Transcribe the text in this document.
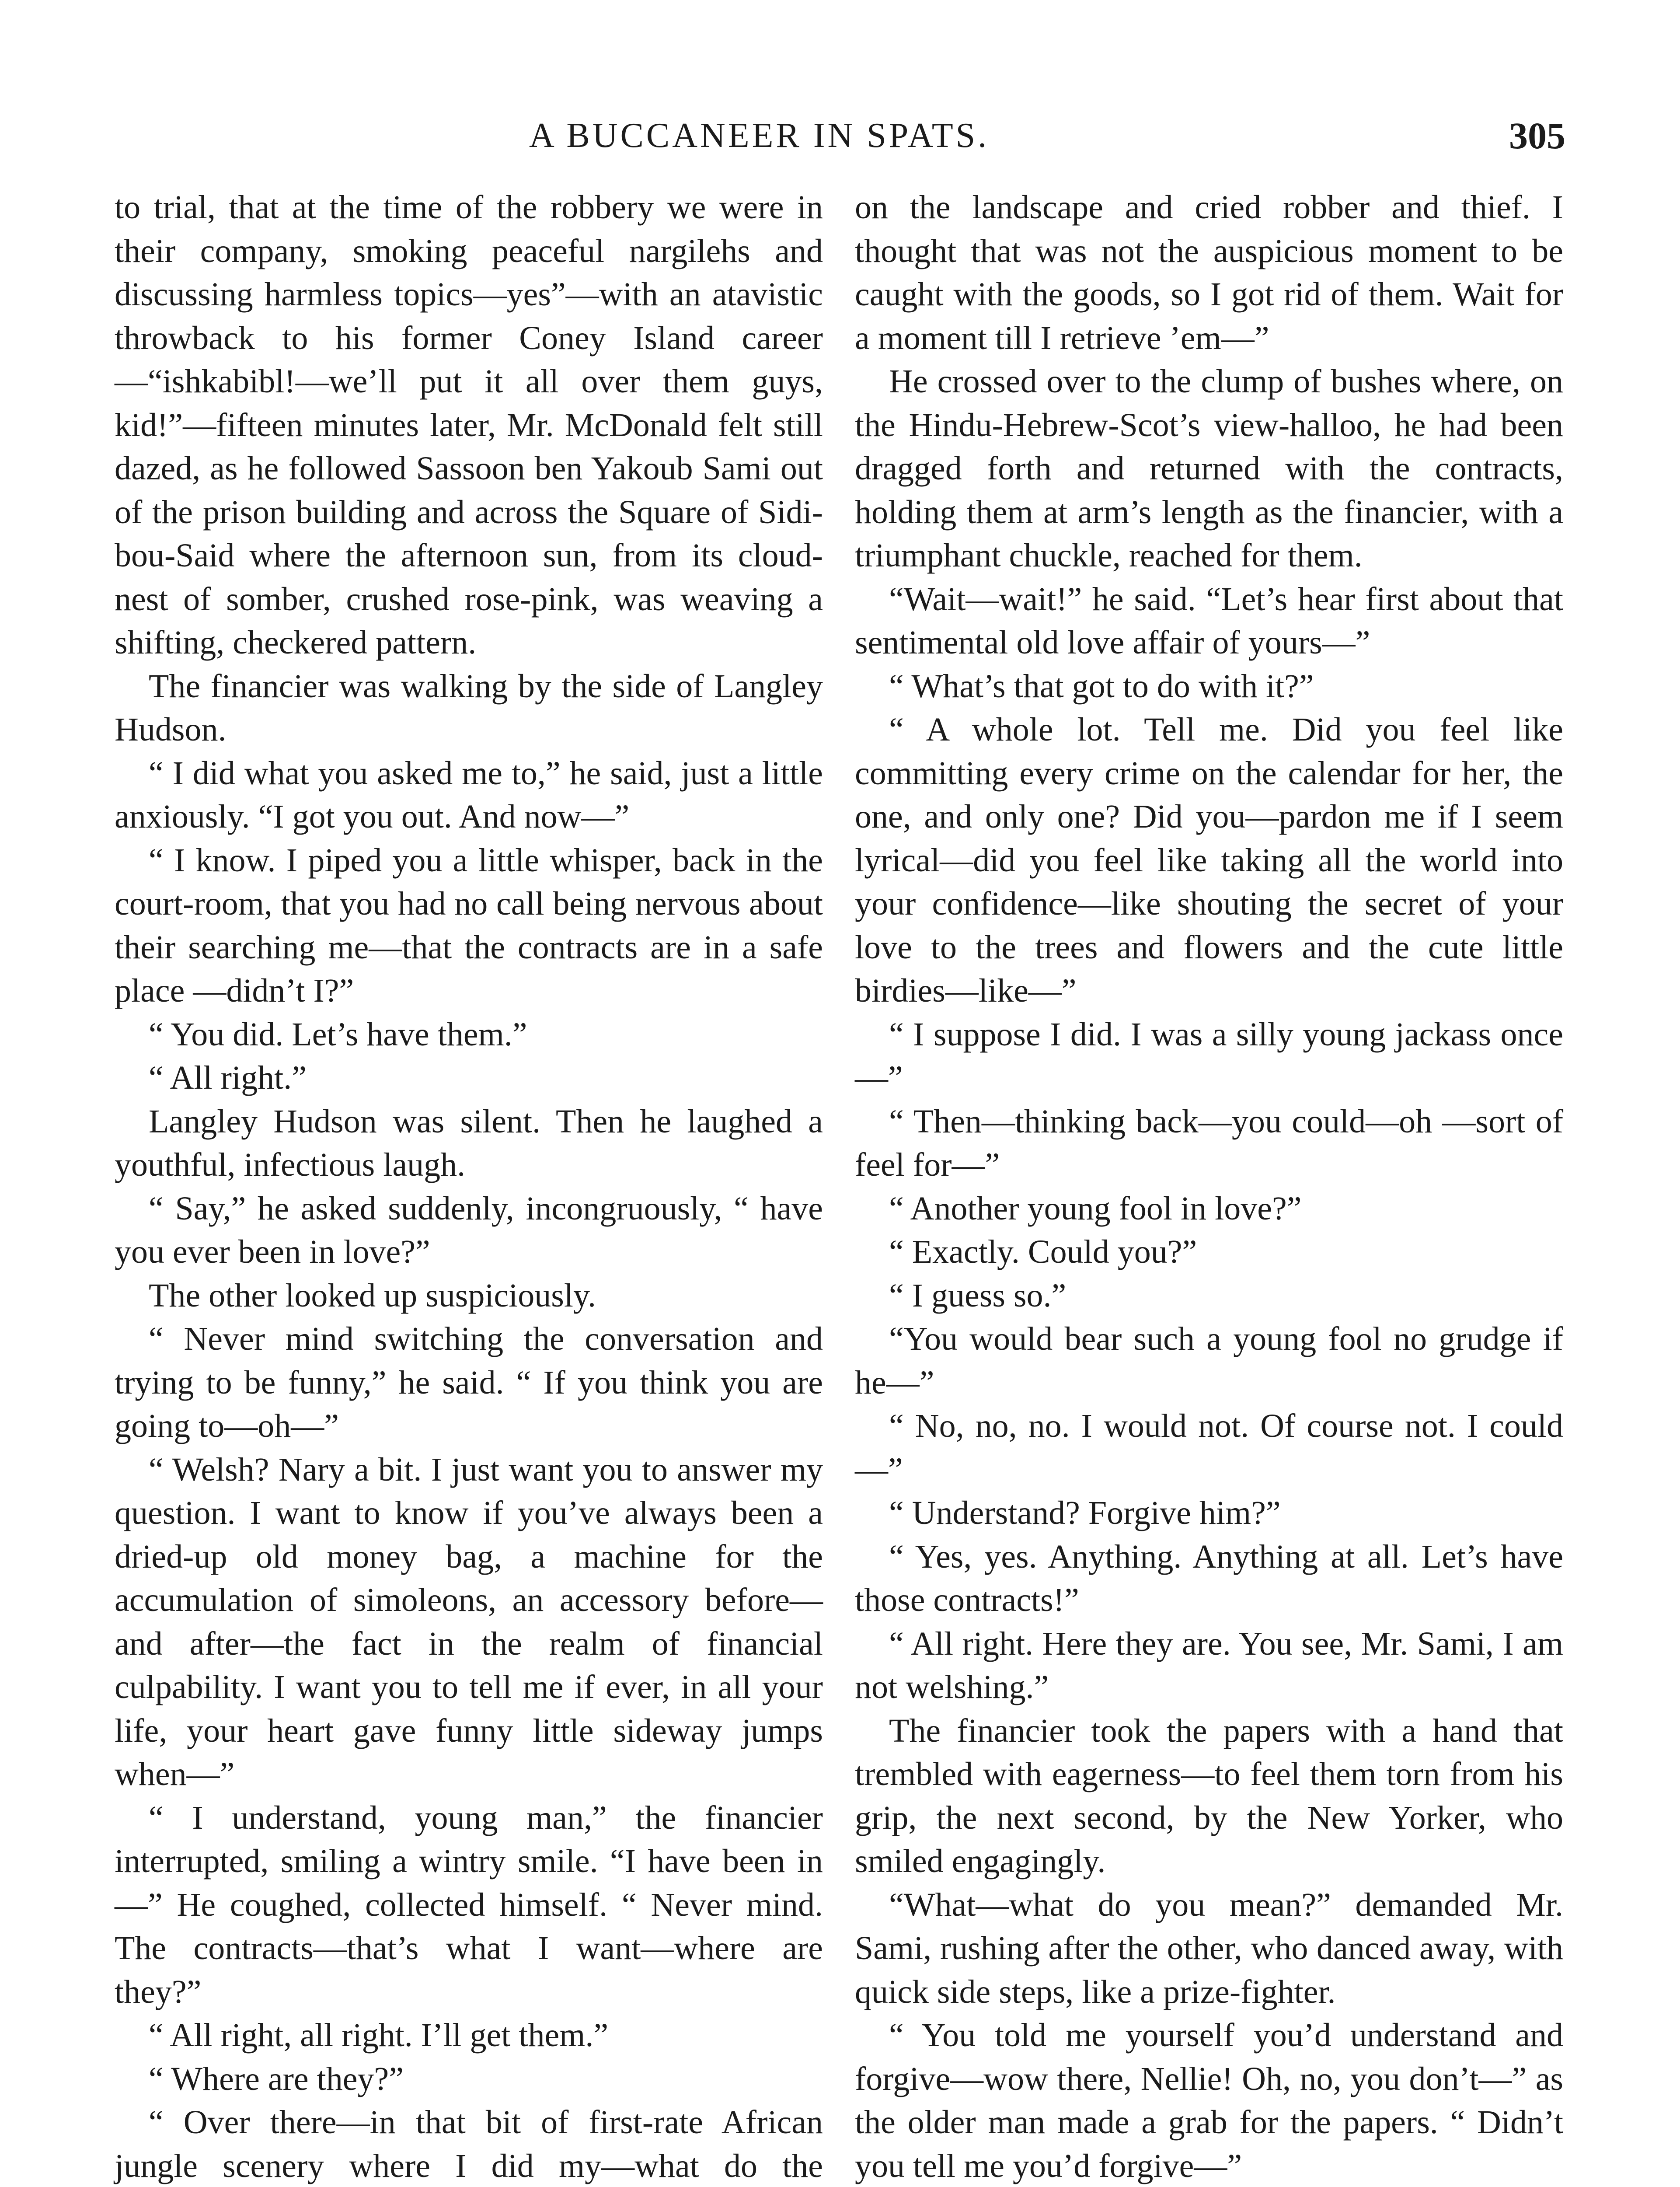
A BUCCANEER IN SPATS.	305

to trial, that at the time of the robbery we were in their company, smoking peaceful nargilehs and discussing harmless topics—yes”—with an atavistic throwback to his former Coney Island career—“ishkabibl!—we’ll put it all over them guys, kid!”—fifteen minutes later, Mr. McDonald felt still dazed, as he followed Sassoon ben Yakoub Sami out of the prison building and across the Square of Sidi-bou-Said where the afternoon sun, from its cloud-nest of somber, crushed rose-pink, was weaving a shifting, checkered pattern.

The financier was walking by the side of Langley Hudson.

“ I did what you asked me to,” he said, just a little anxiously. “I got you out. And now—”

“ I know. I piped you a little whisper, back in the court-room, that you had no call being nervous about their searching me—that the contracts are in a safe place —didn’t I?”

“ You did. Let’s have them.”

“ All right.”

Langley Hudson was silent. Then he laughed a youthful, infectious laugh.

“ Say,” he asked suddenly, incongruously, “ have you ever been in love?”

The other looked up suspiciously.

“ Never mind switching the conversation and trying to be funny,” he said. “ If you think you are going to—oh—”

“ Welsh? Nary a bit. I just want you to answer my question. I want to know if you’ve always been a dried-up old money bag, a machine for the accumulation of simoleons, an accessory before—and after—the fact in the realm of financial culpability. I want you to tell me if ever, in all your life, your heart gave funny little sideway jumps when—”

“ I understand, young man,” the financier interrupted, smiling a wintry smile. “I have been in—” He coughed, collected himself. “ Never mind. The contracts—that’s what I want—where are they?”

“ All right, all right. I’ll get them.”

“ Where are they?”

“ Over there—in that bit of first-rate African jungle scenery where I did my—what do the

on the landscape and cried robber and thief. I thought that was not the auspicious moment to be caught with the goods, so I got rid of them. Wait for a moment till I retrieve ’em—”

He crossed over to the clump of bushes where, on the Hindu-Hebrew-Scot’s view-halloo, he had been dragged forth and returned with the contracts, holding them at arm’s length as the financier, with a triumphant chuckle, reached for them.

“Wait—wait!” he said. “Let’s hear first about that sentimental old love affair of yours—”

“ What’s that got to do with it?”

“ A whole lot. Tell me. Did you feel like committing every crime on the calendar for her, the one, and only one? Did you—pardon me if I seem lyrical—did you feel like taking all the world into your confidence—like shouting the secret of your love to the trees and flowers and the cute little birdies—like—”

“ I suppose I did. I was a silly young jackass once—”

“ Then—thinking back—you could—oh —sort of feel for—”

“ Another young fool in love?”

“ Exactly. Could you?”

“ I guess so.”

“You would bear such a young fool no grudge if he—”

“ No, no, no. I would not. Of course not. I could—”

“ Understand? Forgive him?”

“ Yes, yes. Anything. Anything at all. Let’s have those contracts!”

“ All right. Here they are. You see, Mr. Sami, I am not welshing.”

The financier took the papers with a hand that trembled with eagerness—to feel them torn from his grip, the next second, by the New Yorker, who smiled engagingly.

“What—what do you mean?” demanded Mr. Sami, rushing after the other, who danced away, with quick side steps, like a prize-fighter.

“ You told me yourself you’d understand and forgive—wow there, Nellie! Oh, no, you don’t—” as the older man made a grab for the papers. “ Didn’t you tell me you’d forgive—”
